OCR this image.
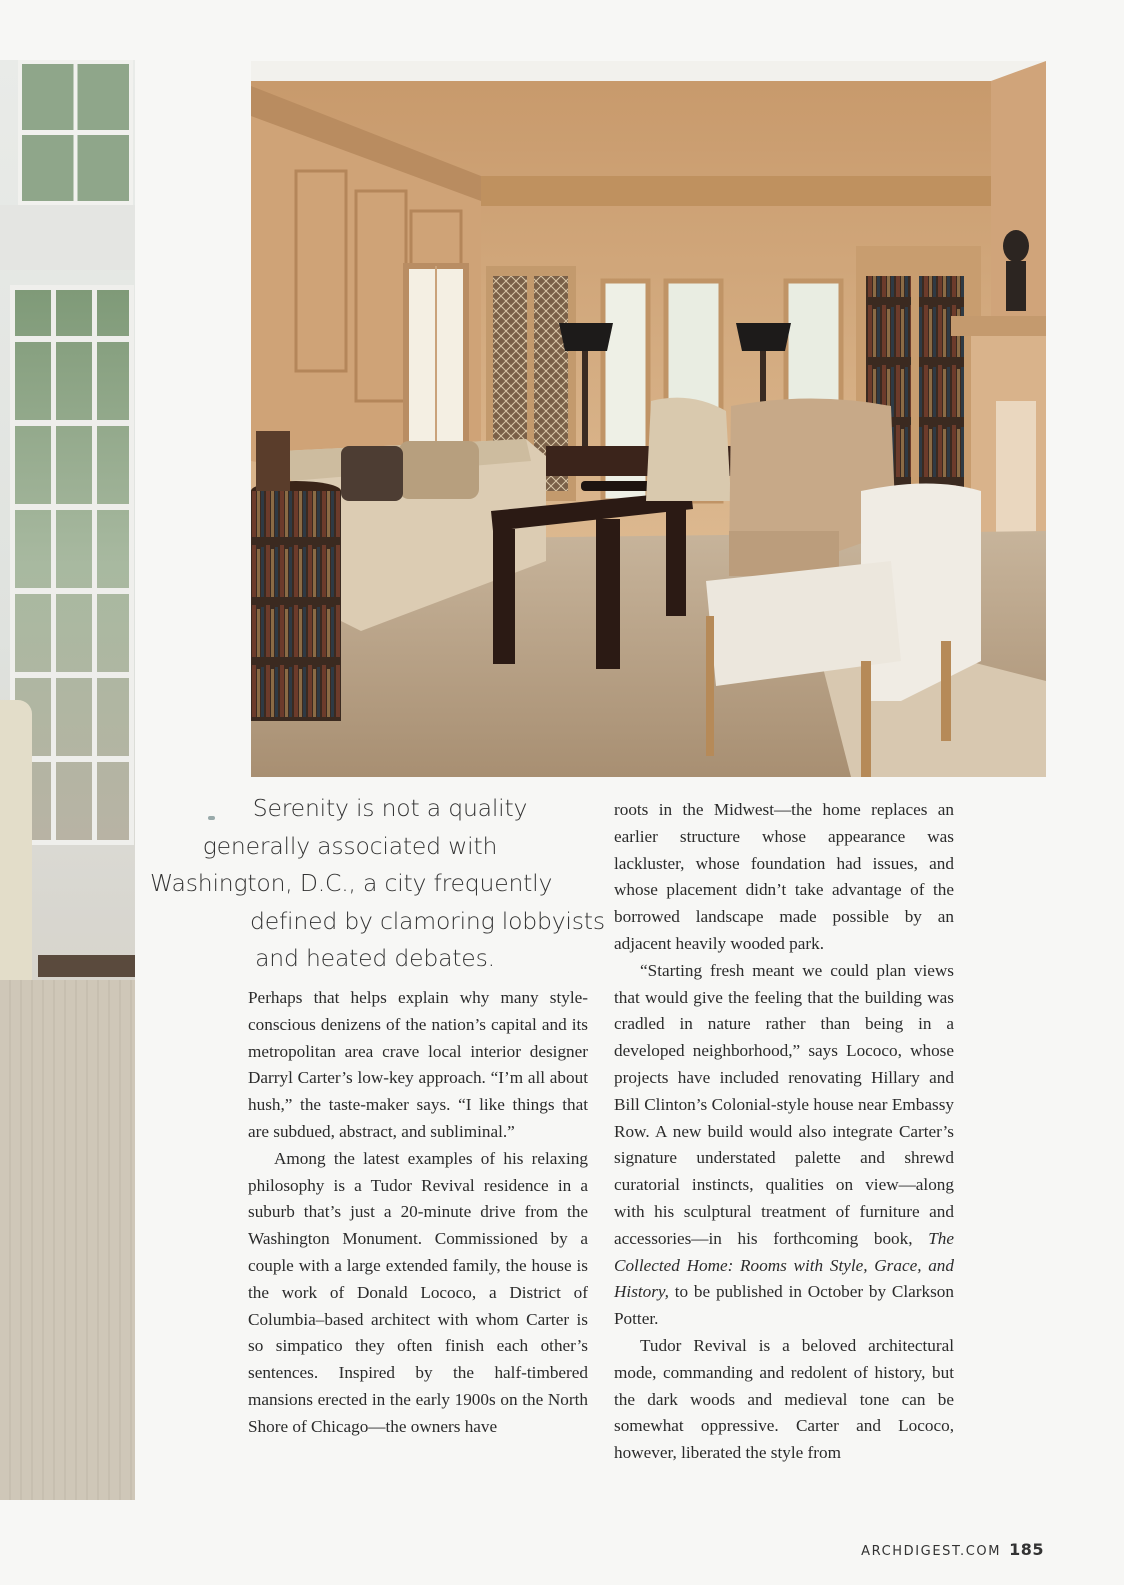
Serenity is not a quality
generally associated with
Washington, D.C., a city frequently
defined by clamoring lobbyists
and heated debates.

Perhaps that helps explain why many style-conscious denizens of the nation’s capital and its metropolitan area crave local interior designer Darryl Carter’s low-key approach. “I’m all about hush,” the taste-maker says. “I like things that are subdued, abstract, and subliminal.”

Among the latest examples of his relaxing philosophy is a Tudor Revival residence in a suburb that’s just a 20-minute drive from the Washington Monument. Commissioned by a couple with a large extended family, the house is the work of Donald Lococo, a District of Columbia–based architect with whom Carter is so simpatico they often finish each other’s sentences. Inspired by the half-timbered mansions erected in the early 1900s on the North Shore of Chicago—the owners have

roots in the Midwest—the home replaces an earlier structure whose appearance was lackluster, whose foundation had issues, and whose placement didn’t take advantage of the borrowed landscape made possible by an adjacent heavily wooded park.

“Starting fresh meant we could plan views that would give the feeling that the building was cradled in nature rather than being in a developed neighborhood,” says Lococo, whose projects have included renovating Hillary and Bill Clinton’s Colonial-style house near Embassy Row. A new build would also integrate Carter’s signature understated palette and shrewd curatorial instincts, qualities on view—along with his sculptural treatment of furniture and accessories—in his forthcoming book, The Collected Home: Rooms with Style, Grace, and History, to be published in October by Clarkson Potter.

Tudor Revival is a beloved architectural mode, commanding and redolent of history, but the dark woods and medieval tone can be somewhat oppressive. Carter and Lococo, however, liberated the style from

ARCHDIGEST.COM 185
